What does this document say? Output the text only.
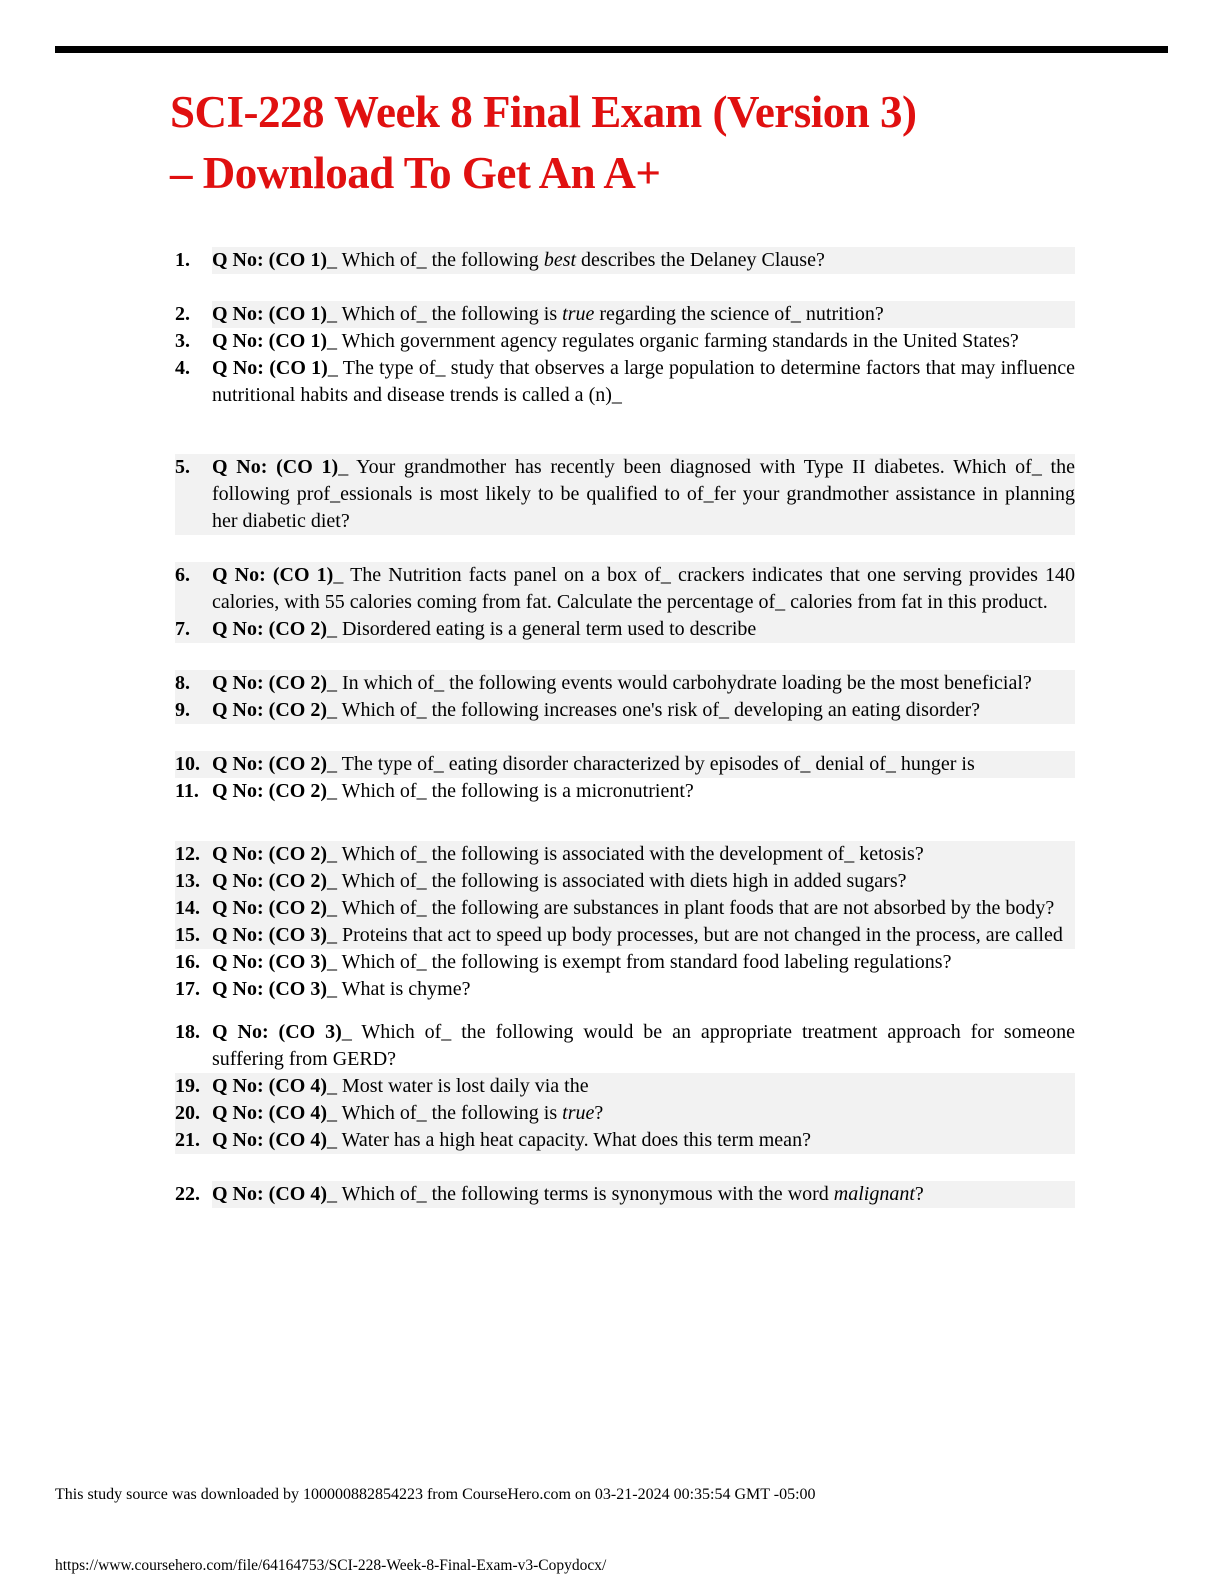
SCI-228 Week 8 Final Exam (Version 3)
– Download To Get An A+
1.	Q No: (CO 1)_ Which of_ the following best describes the Delaney Clause?
2.	Q No: (CO 1)_ Which of_ the following is true regarding the science of_ nutrition?
3.	Q No: (CO 1)_ Which government agency regulates organic farming standards in the United States?
4.	Q No: (CO 1)_ The type of_ study that observes a large population to determine factors that may influence nutritional habits and disease trends is called a (n)_
5.	Q No: (CO 1)_ Your grandmother has recently been diagnosed with Type II diabetes. Which of_ the following prof_essionals is most likely to be qualified to of_fer your grandmother assistance in planning her diabetic diet?
6.	Q No: (CO 1)_ The Nutrition facts panel on a box of_ crackers indicates that one serving provides 140 calories, with 55 calories coming from fat. Calculate the percentage of_ calories from fat in this product.
7.	Q No: (CO 2)_ Disordered eating is a general term used to describe
8.	Q No: (CO 2)_ In which of_ the following events would carbohydrate loading be the most beneficial?
9.	Q No: (CO 2)_ Which of_ the following increases one's risk of_ developing an eating disorder?
10. Q No: (CO 2)_ The type of_ eating disorder characterized by episodes of_ denial of_ hunger is
11. Q No: (CO 2)_ Which of_ the following is a micronutrient?
12. Q No: (CO 2)_ Which of_ the following is associated with the development of_ ketosis?
13. Q No: (CO 2)_ Which of_ the following is associated with diets high in added sugars?
14. Q No: (CO 2)_ Which of_ the following are substances in plant foods that are not absorbed by the body?
15. Q No: (CO 3)_ Proteins that act to speed up body processes, but are not changed in the process, are called
16. Q No: (CO 3)_ Which of_ the following is exempt from standard food labeling regulations?
17. Q No: (CO 3)_ What is chyme?
18. Q No: (CO 3)_ Which of_ the following would be an appropriate treatment approach for someone suffering from GERD?
19. Q No: (CO 4)_ Most water is lost daily via the
20. Q No: (CO 4)_ Which of_ the following is true?
21. Q No: (CO 4)_ Water has a high heat capacity. What does this term mean?
22. Q No: (CO 4)_ Which of_ the following terms is synonymous with the word malignant?
This study source was downloaded by 100000882854223 from CourseHero.com on 03-21-2024 00:35:54 GMT -05:00
https://www.coursehero.com/file/64164753/SCI-228-Week-8-Final-Exam-v3-Copydocx/
